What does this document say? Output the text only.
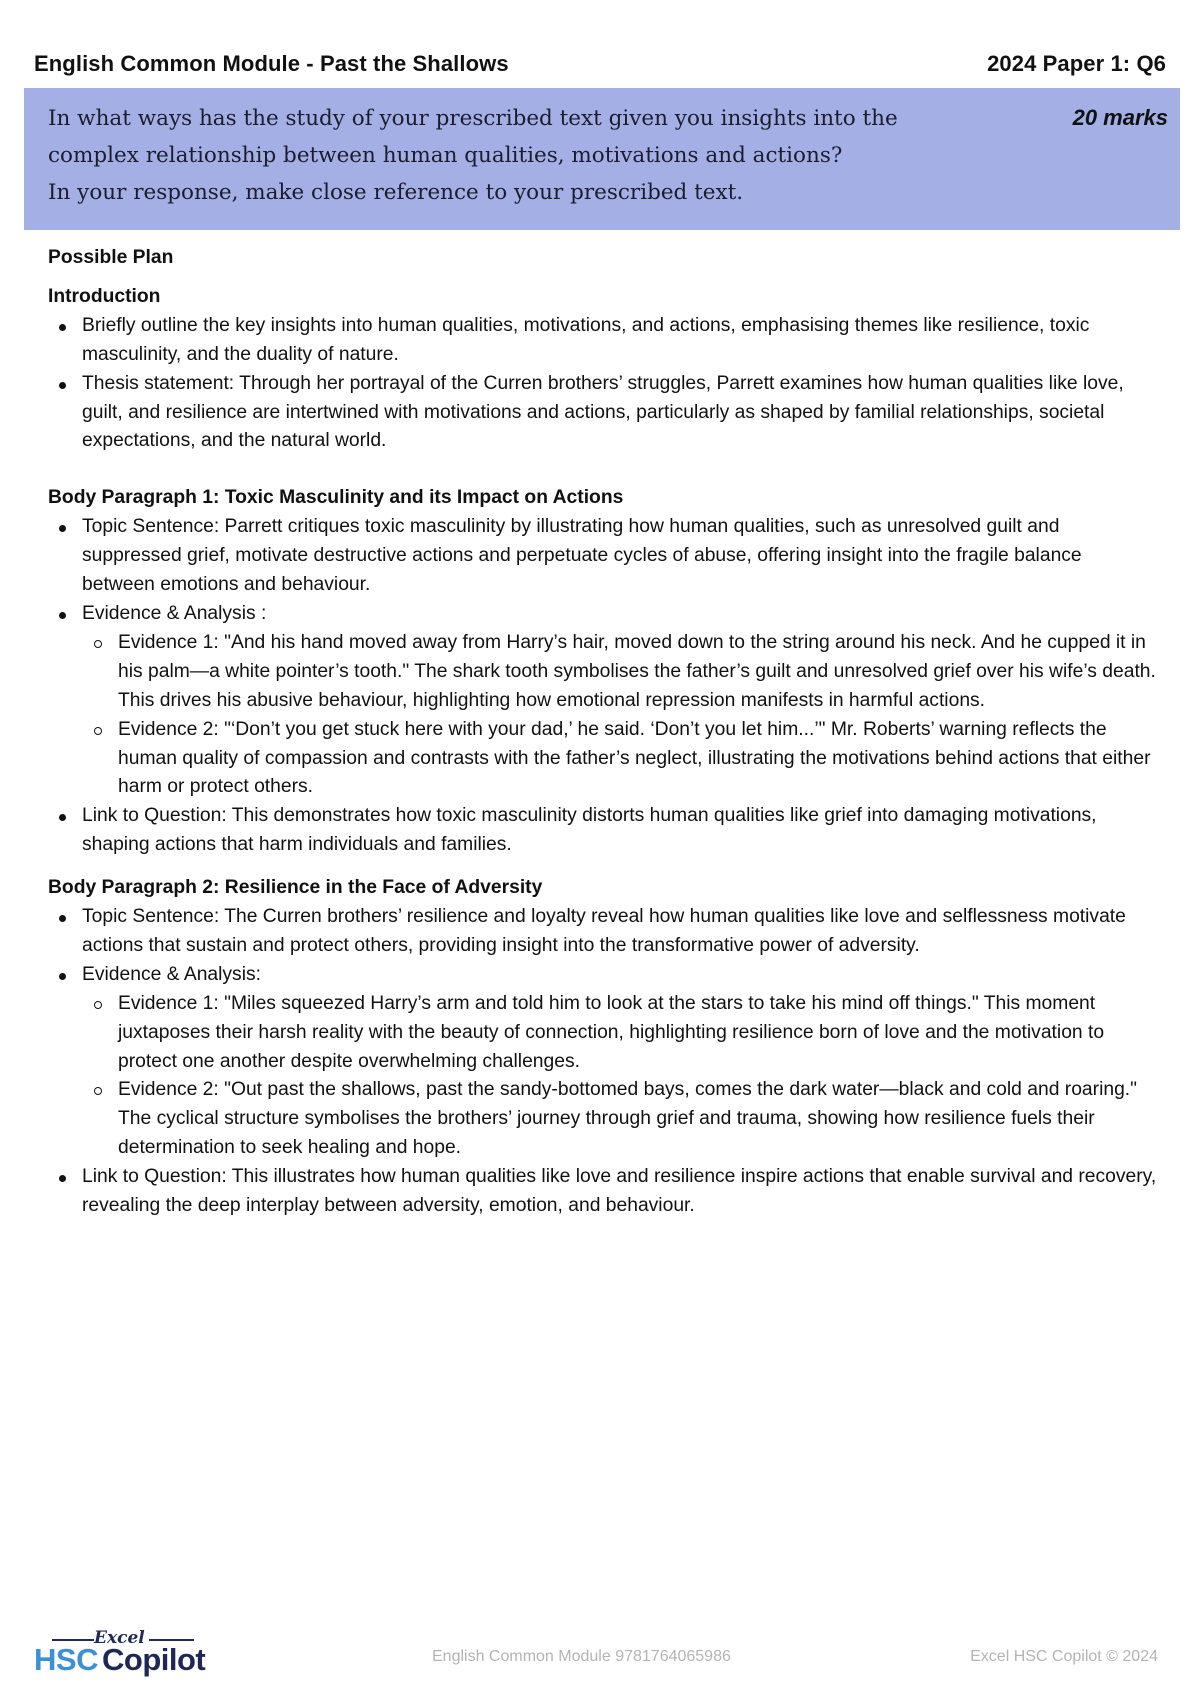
English Common Module - Past the Shallows	2024 Paper 1: Q6
In what ways has the study of your prescribed text given you insights into the
complex relationship between human qualities, motivations and actions?
In your response, make close reference to your prescribed text.
20 marks
Possible Plan
Introduction
Briefly outline the key insights into human qualities, motivations, and actions, emphasising themes like resilience, toxic masculinity, and the duality of nature.
Thesis statement: Through her portrayal of the Curren brothers’ struggles, Parrett examines how human qualities like love, guilt, and resilience are intertwined with motivations and actions, particularly as shaped by familial relationships, societal expectations, and the natural world.
Body Paragraph 1: Toxic Masculinity and its Impact on Actions
Topic Sentence: Parrett critiques toxic masculinity by illustrating how human qualities, such as unresolved guilt and suppressed grief, motivate destructive actions and perpetuate cycles of abuse, offering insight into the fragile balance between emotions and behaviour.
Evidence & Analysis :
Evidence 1: "And his hand moved away from Harry’s hair, moved down to the string around his neck. And he cupped it in his palm—a white pointer’s tooth." The shark tooth symbolises the father’s guilt and unresolved grief over his wife’s death. This drives his abusive behaviour, highlighting how emotional repression manifests in harmful actions.
Evidence 2: "‘Don’t you get stuck here with your dad,’ he said. ‘Don’t you let him...’" Mr. Roberts’ warning reflects the human quality of compassion and contrasts with the father’s neglect, illustrating the motivations behind actions that either harm or protect others.
Link to Question: This demonstrates how toxic masculinity distorts human qualities like grief into damaging motivations, shaping actions that harm individuals and families.
Body Paragraph 2: Resilience in the Face of Adversity
Topic Sentence: The Curren brothers’ resilience and loyalty reveal how human qualities like love and selflessness motivate actions that sustain and protect others, providing insight into the transformative power of adversity.
Evidence & Analysis:
Evidence 1: "Miles squeezed Harry’s arm and told him to look at the stars to take his mind off things." This moment juxtaposes their harsh reality with the beauty of connection, highlighting resilience born of love and the motivation to protect one another despite overwhelming challenges.
Evidence 2: "Out past the shallows, past the sandy-bottomed bays, comes the dark water—black and cold and roaring." The cyclical structure symbolises the brothers’ journey through grief and trauma, showing how resilience fuels their determination to seek healing and hope.
Link to Question: This illustrates how human qualities like love and resilience inspire actions that enable survival and recovery, revealing the deep interplay between adversity, emotion, and behaviour.
Excel
HSC Copilot	English Common Module 9781764065986	Excel HSC Copilot © 2024
